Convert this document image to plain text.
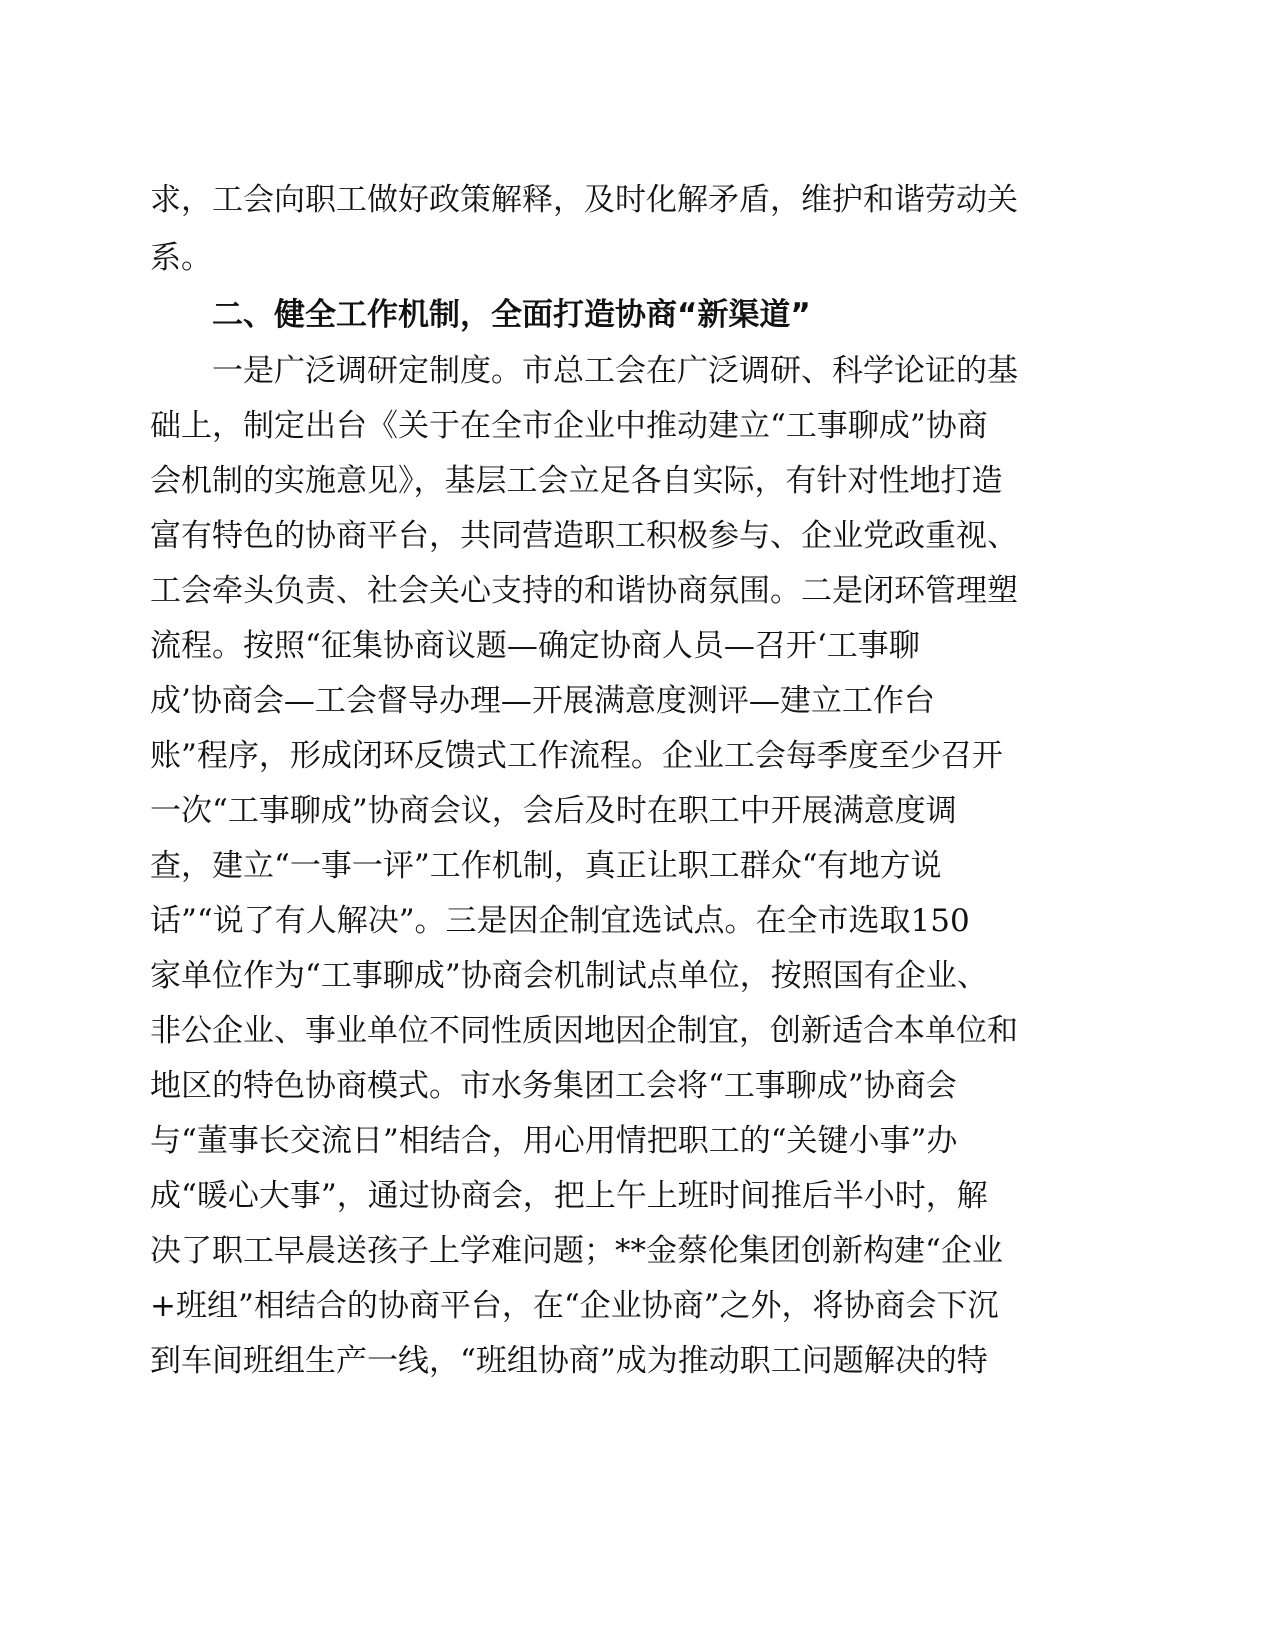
求，工会向职工做好政策解释，及时化解矛盾，维护和谐劳动关
系。
二、健全工作机制，全面打造协商“新渠道”
一是广泛调研定制度。市总工会在广泛调研、科学论证的基
础上，制定出台《关于在全市企业中推动建立“工事聊成”协商
会机制的实施意见》，基层工会立足各自实际，有针对性地打造
富有特色的协商平台，共同营造职工积极参与、企业党政重视、
工会牵头负责、社会关心支持的和谐协商氛围。二是闭环管理塑
流程。按照“征集协商议题—确定协商人员—召开‘工事聊
成’协商会—工会督导办理—开展满意度测评—建立工作台
账”程序，形成闭环反馈式工作流程。企业工会每季度至少召开
一次“工事聊成”协商会议，会后及时在职工中开展满意度调
查，建立“一事一评”工作机制，真正让职工群众“有地方说
话”“说了有人解决”。三是因企制宜选试点。在全市选取150
家单位作为“工事聊成”协商会机制试点单位，按照国有企业、
非公企业、事业单位不同性质因地因企制宜，创新适合本单位和
地区的特色协商模式。市水务集团工会将“工事聊成”协商会
与“董事长交流日”相结合，用心用情把职工的“关键小事”办
成“暖心大事”，通过协商会，把上午上班时间推后半小时，解
决了职工早晨送孩子上学难问题；**金蔡伦集团创新构建“企业
+班组”相结合的协商平台，在“企业协商”之外，将协商会下沉
到车间班组生产一线，“班组协商”成为推动职工问题解决的特
